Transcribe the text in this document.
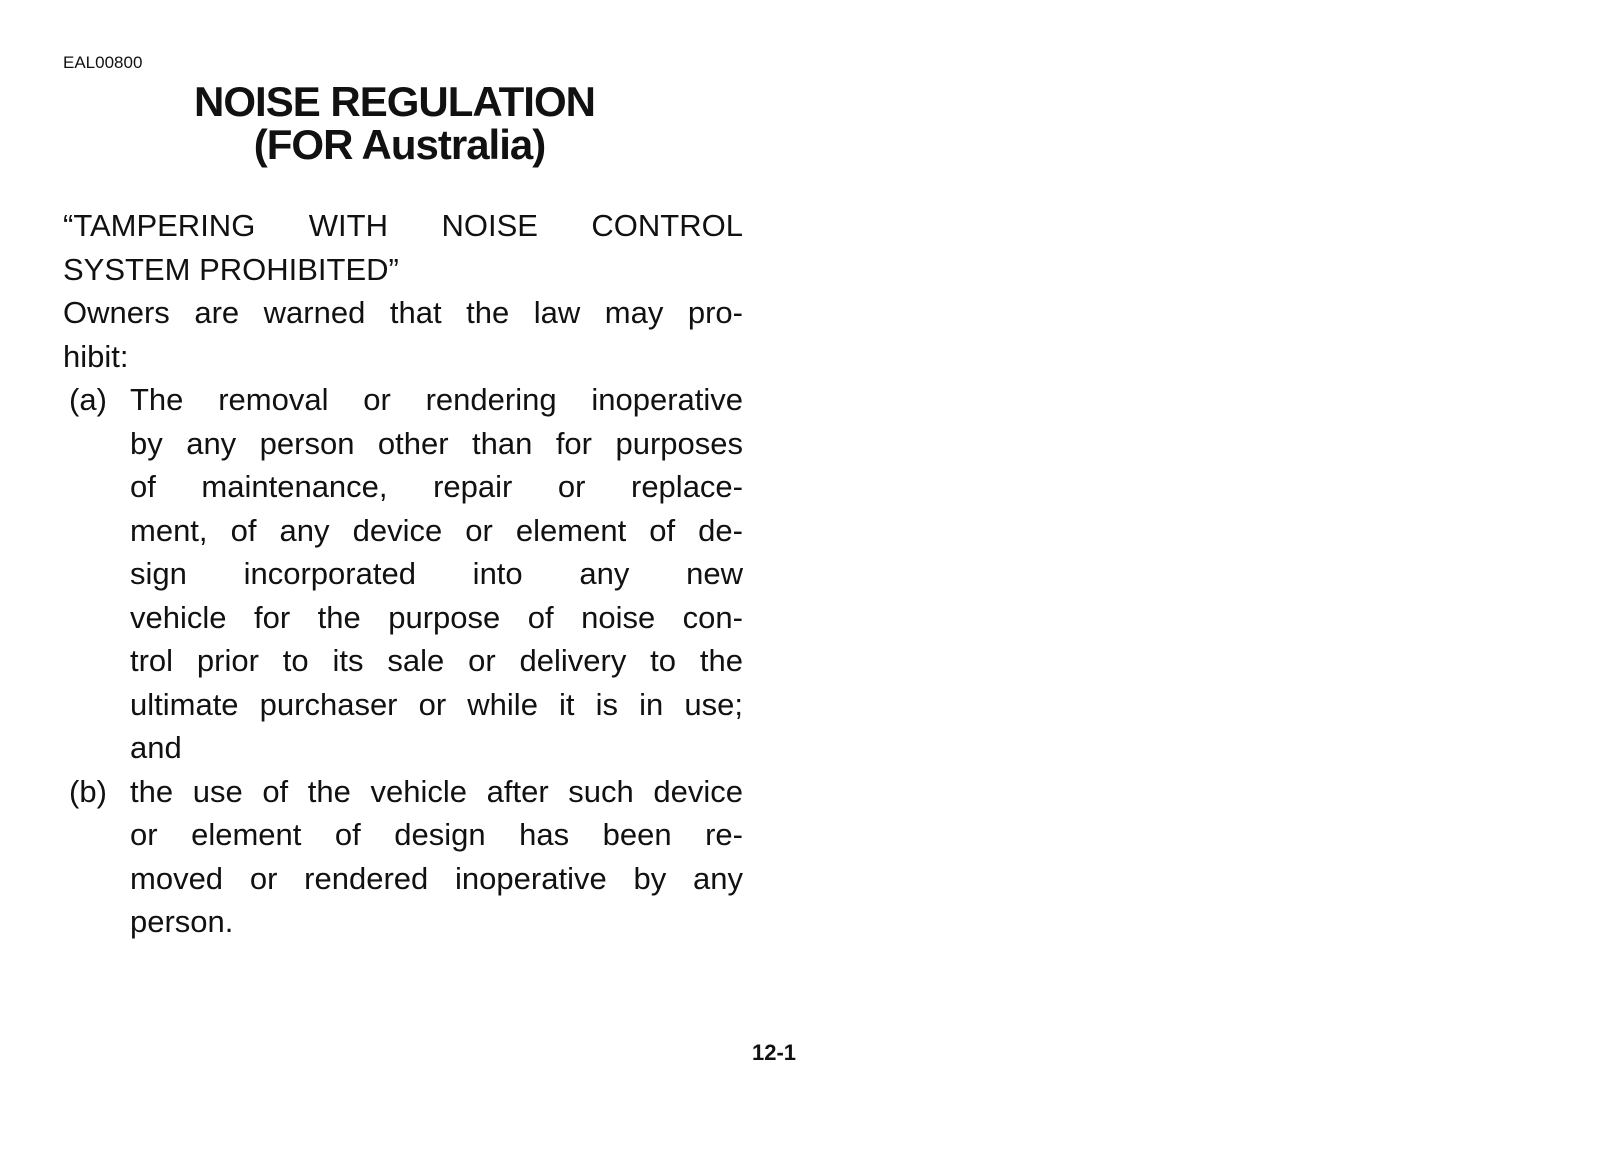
EAL00800
NOISE REGULATION
(FOR Australia)
“TAMPERING WITH NOISE CONTROL
SYSTEM PROHIBITED”
Owners are warned that the law may pro-
hibit:
(a) The removal or rendering inoperative
by any person other than for purposes
of maintenance, repair or replace-
ment, of any device or element of de-
sign incorporated into any new
vehicle for the purpose of noise con-
trol prior to its sale or delivery to the
ultimate purchaser or while it is in use;
and
(b) the use of the vehicle after such device
or element of design has been re-
moved or rendered inoperative by any
person.
12-1
